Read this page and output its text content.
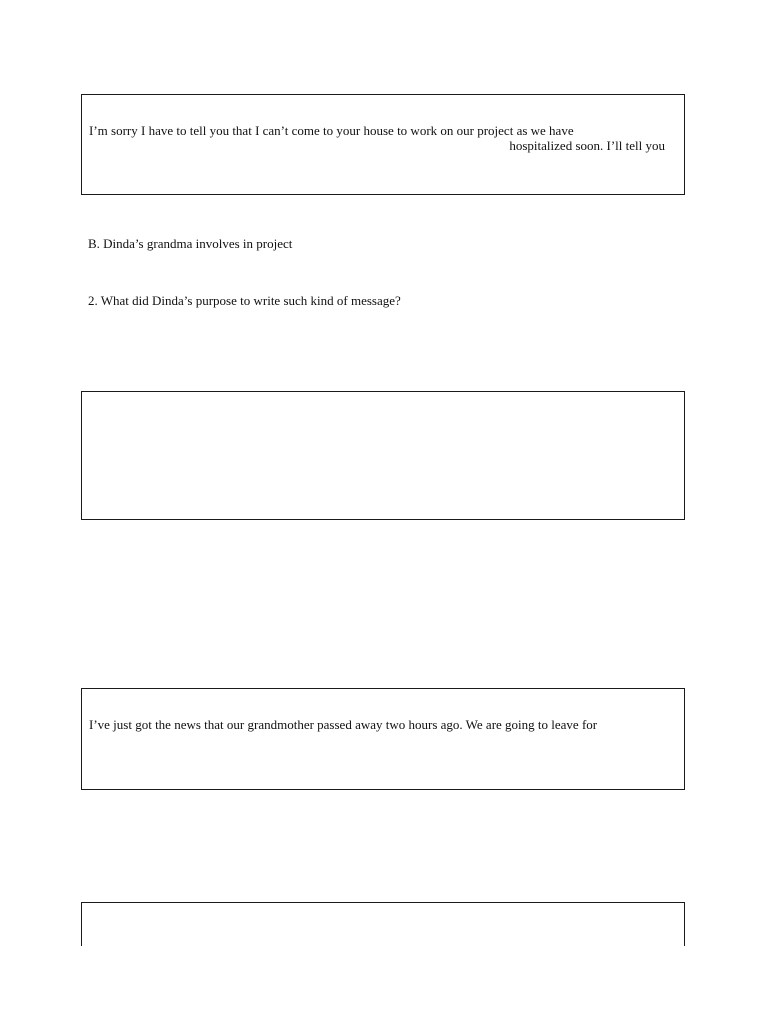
I’m sorry I have to tell you that I can’t come to your house to work on our project as we have
hospitalized soon. I’ll tell you
B. Dinda’s grandma involves in project
2. What did Dinda’s purpose to write such kind of message?
I’ve just got the news that our grandmother passed away two hours ago. We are going to leave for
